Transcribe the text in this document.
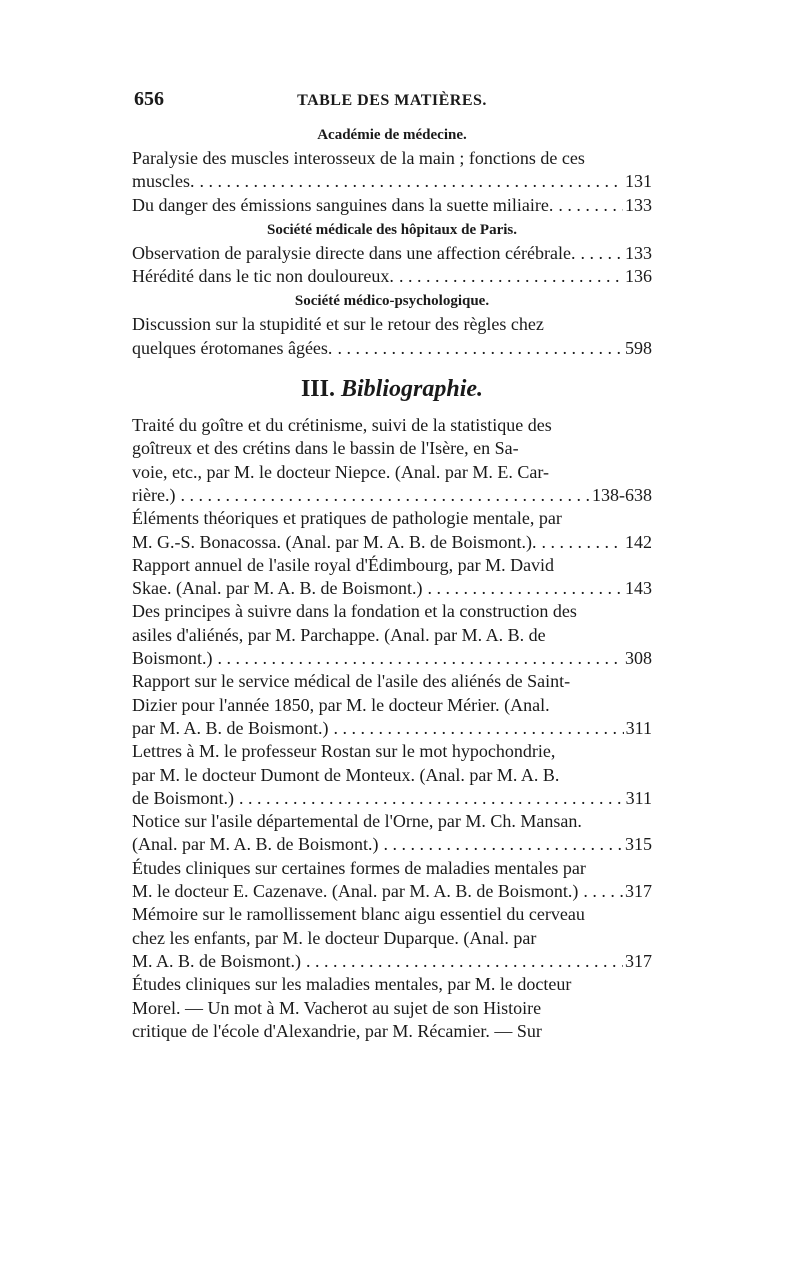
656	TABLE DES MATIÈRES.
Académie de médecine.
Paralysie des muscles interosseux de la main ; fonctions de ces
muscles. . . .	131
Du danger des émissions sanguines dans la suette miliaire. . . .	133
Société médicale des hôpitaux de Paris.
Observation de paralysie directe dans une affection cérébrale. . . .	133
Hérédité dans le tic non douloureux. . . .	136
Société médico-psychologique.
Discussion sur la stupidité et sur le retour des règles chez
quelques érotomanes âgées. . . .	598
III. Bibliographie.
Traité du goître et du crétinisme, suivi de la statistique des
goîtreux et des crétins dans le bassin de l'Isère, en Sa-
voie, etc., par M. le docteur Niepce. (Anal. par M. E. Car-
rière.) . . .	138-638
Éléments théoriques et pratiques de pathologie mentale, par
M. G.-S. Bonacossa. (Anal. par M. A. B. de Boismont.). . . .	142
Rapport annuel de l'asile royal d'Édimbourg, par M. David
Skae. (Anal. par M. A. B. de Boismont.) . . .	143
Des principes à suivre dans la fondation et la construction des
asiles d'aliénés, par M. Parchappe. (Anal. par M. A. B. de
Boismont.) . . .	308
Rapport sur le service médical de l'asile des aliénés de Saint-
Dizier pour l'année 1850, par M. le docteur Mérier. (Anal.
par M. A. B. de Boismont.) . . .	311
Lettres à M. le professeur Rostan sur le mot hypochondrie,
par M. le docteur Dumont de Monteux. (Anal. par M. A. B.
de Boismont.) . . .	311
Notice sur l'asile départemental de l'Orne, par M. Ch. Mansan.
(Anal. par M. A. B. de Boismont.) . . .	315
Études cliniques sur certaines formes de maladies mentales par
M. le docteur E. Cazenave. (Anal. par M. A. B. de Boismont.) . . .	317
Mémoire sur le ramollissement blanc aigu essentiel du cerveau
chez les enfants, par M. le docteur Duparque. (Anal. par
M. A. B. de Boismont.) . . .	317
Études cliniques sur les maladies mentales, par M. le docteur
Morel. — Un mot à M. Vacherot au sujet de son Histoire
critique de l'école d'Alexandrie, par M. Récamier. — Sur
